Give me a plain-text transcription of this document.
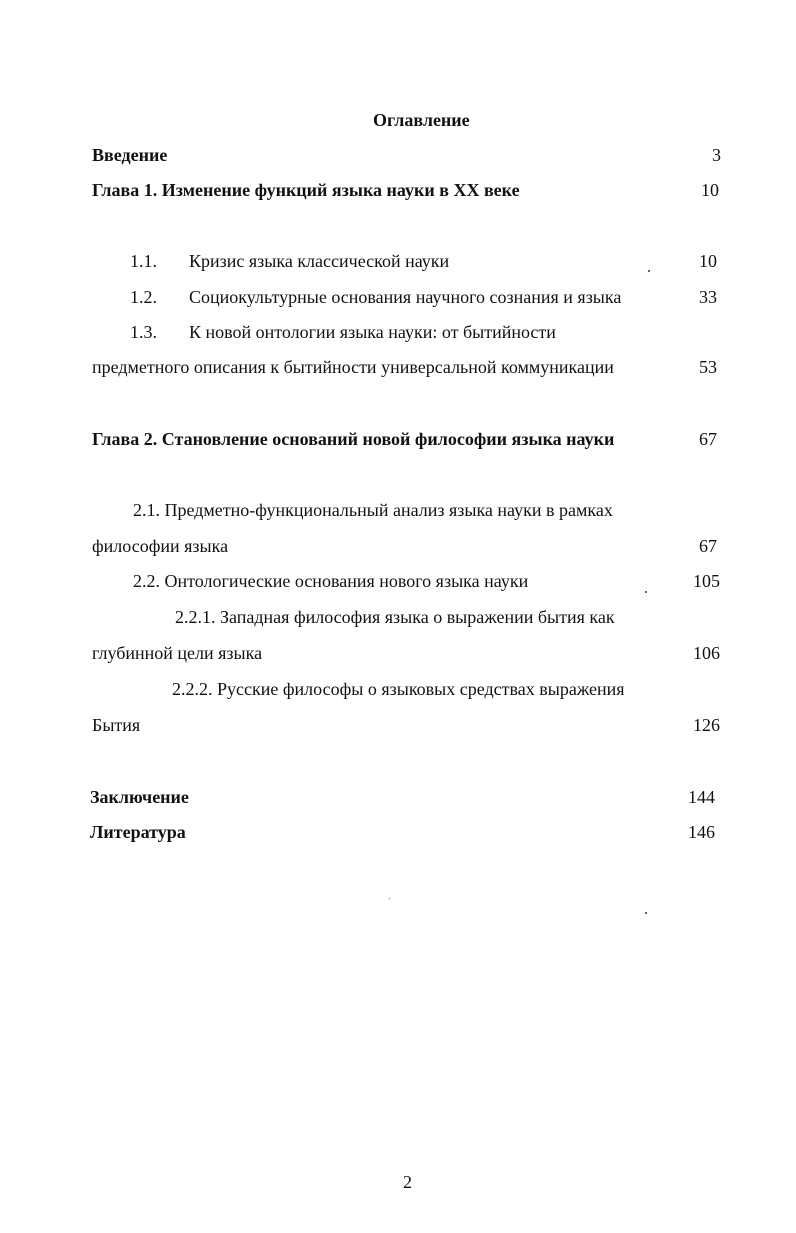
Оглавление
Введение	3
Глава 1. Изменение функций языка науки в XX веке	10
1.1. Кризис языка классической науки	10
1.2. Социокультурные основания научного сознания и языка	33
1.3. К новой онтологии языка науки: от бытийности
предметного описания к бытийности универсальной коммуникации	53
Глава 2. Становление оснований новой философии языка науки	67
2.1. Предметно-функциональный анализ языка науки в рамках
философии языка	67
2.2. Онтологические основания нового языка науки	105
2.2.1. Западная философия языка о выражении бытия как
глубинной цели языка	106
2.2.2. Русские философы о языковых средствах выражения
Бытия	126
Заключение	144
Литература	146
2
